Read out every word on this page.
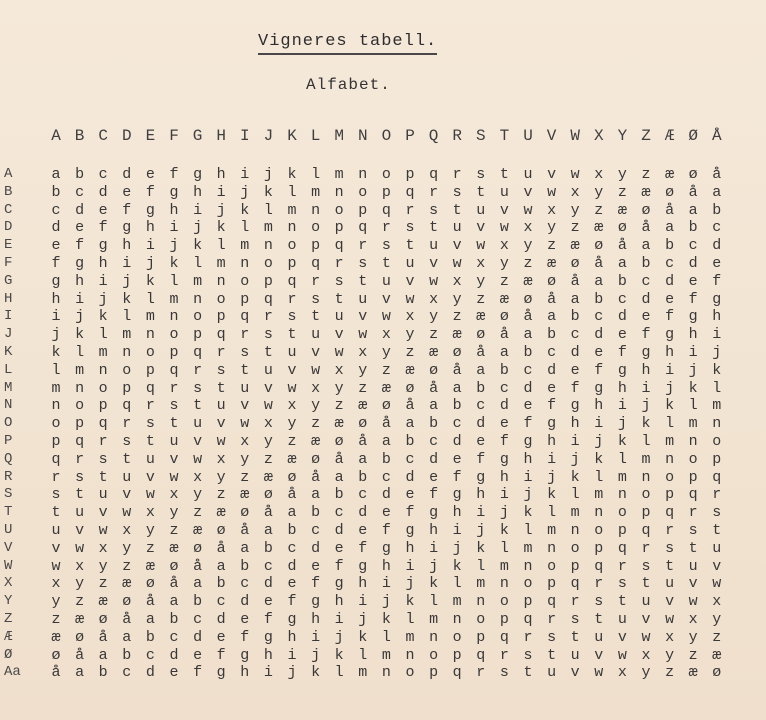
Vigneres tabell.
Alfabet.
A B C D E F G H I J K L M N O P Q R S T U V W X Y Z Æ Ø Å
A	a b c d e f g h i j k l m n o p q r s t u v w x y z æ ø å
B	b c d e f g h i j k l m n o p q r s t u v w x y z æ ø å a
C	c d e f g h i j k l m n o p q r s t u v w x y z æ ø å a b
D	d e f g h i j k l m n o p q r s t u v w x y z æ ø å a b c
E	e f g h i j k l m n o p q r s t u v w x y z æ ø å a b c d
F	f g h i j k l m n o p q r s t u v w x y z æ ø å a b c d e
G	g h i j k l m n o p q r s t u v w x y z æ ø å a b c d e f
H	h i j k l m n o p q r s t u v w x y z æ ø å a b c d e f g
I	i j k l m n o p q r s t u v w x y z æ ø å a b c d e f g h
J	j k l m n o p q r s t u v w x y z æ ø å a b c d e f g h i
K	k l m n o p q r s t u v w x y z æ ø å a b c d e f g h i j
L	l m n o p q r s t u v w x y z æ ø å a b c d e f g h i j k
M	m n o p q r s t u v w x y z æ ø å a b c d e f g h i j k l
N	n o p q r s t u v w x y z æ ø å a b c d e f g h i j k l m
O	o p q r s t u v w x y z æ ø å a b c d e f g h i j k l m n
P	p q r s t u v w x y z æ ø å a b c d e f g h i j k l m n o
Q	q r s t u v w x y z æ ø å a b c d e f g h i j k l m n o p
R	r s t u v w x y z æ ø å a b c d e f g h i j k l m n o p q
S	s t u v w x y z æ ø å a b c d e f g h i j k l m n o p q r
T	t u v w x y z æ ø å a b c d e f g h i j k l m n o p q r s
U	u v w x y z æ ø å a b c d e f g h i j k l m n o p q r s t
V	v w x y z æ ø å a b c d e f g h i j k l m n o p q r s t u
W	w x y z æ ø å a b c d e f g h i j k l m n o p q r s t u v
X	x y z æ ø å a b c d e f g h i j k l m n o p q r s t u v w
Y	y z æ ø å a b c d e f g h i j k l m n o p q r s t u v w x
Z	z æ ø å a b c d e f g h i j k l m n o p q r s t u v w x y
Æ	æ ø å a b c d e f g h i j k l m n o p q r s t u v w x y z
Ø	ø å a b c d e f g h i j k l m n o p q r s t u v w x y z æ
Aa	å a b c d e f g h i j k l m n o p q r s t u v w x y z æ ø
